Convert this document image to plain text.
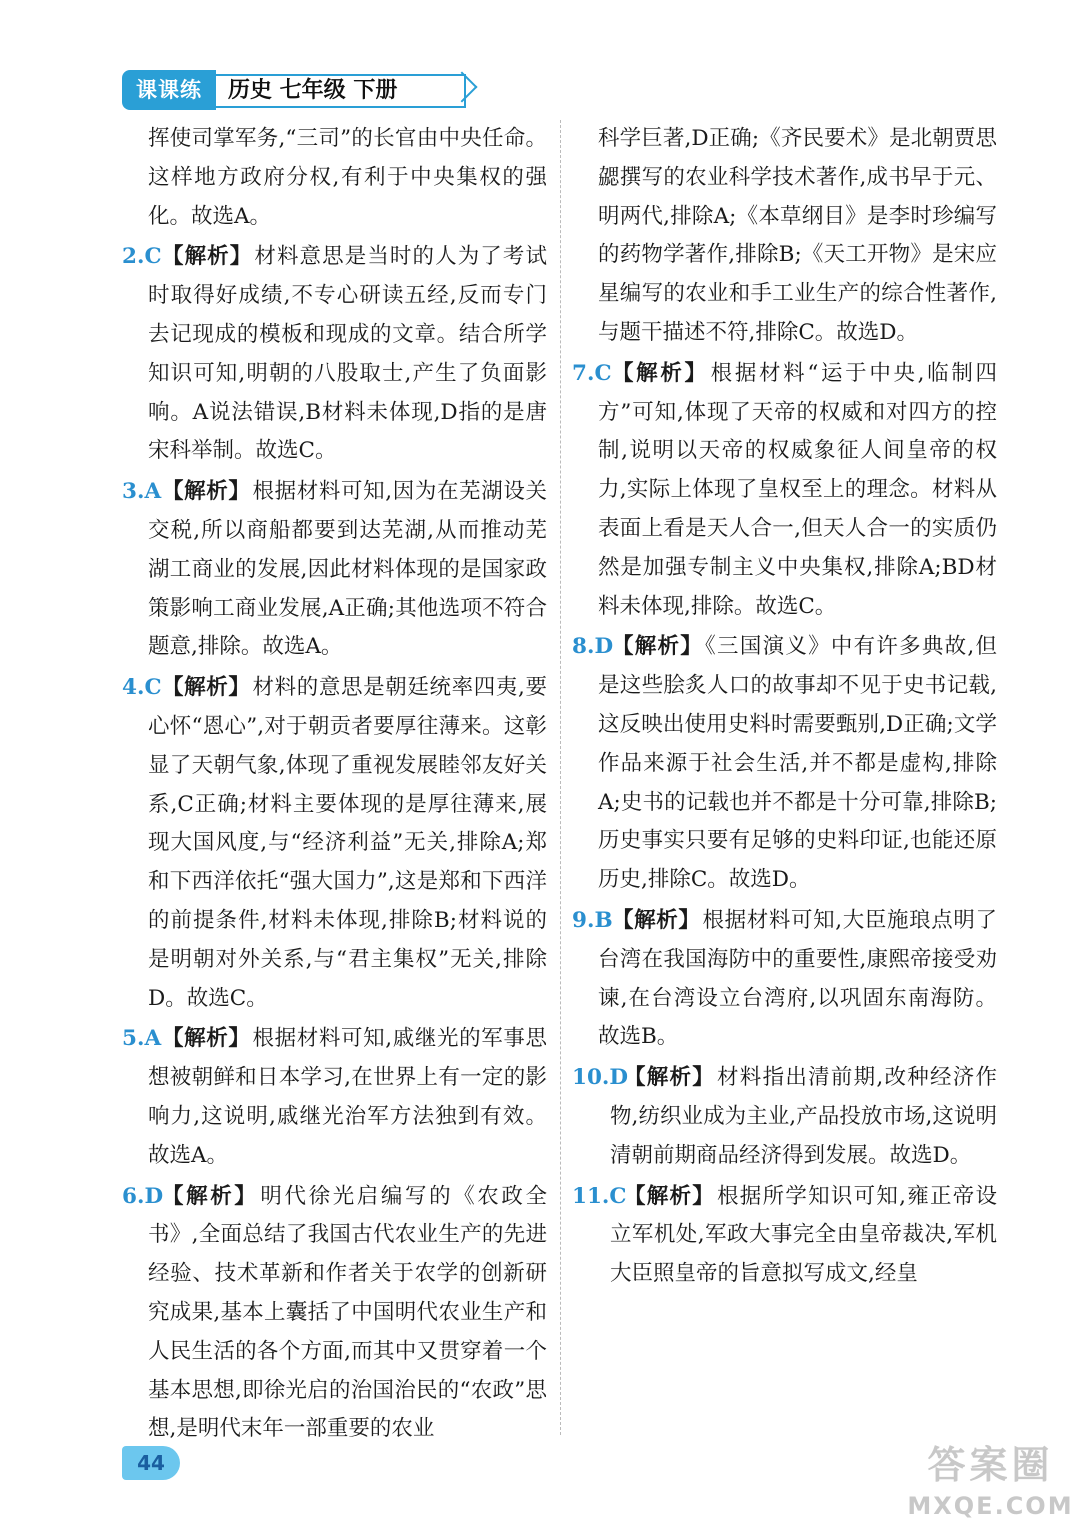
课课练	历史 七年级 下册
挥使司掌军务,“三司”的长官由中央任命。这样地方政府分权,有利于中央集权的强化。故选A。
2.C 【解析】材料意思是当时的人为了考试时取得好成绩,不专心研读五经,反而专门去记现成的模板和现成的文章。结合所学知识可知,明朝的八股取士,产生了负面影响。A说法错误,B材料未体现,D指的是唐宋科举制。故选C。
3.A 【解析】根据材料可知,因为在芜湖设关交税,所以商船都要到达芜湖,从而推动芜湖工商业的发展,因此材料体现的是国家政策影响工商业发展,A正确;其他选项不符合题意,排除。故选A。
4.C 【解析】材料的意思是朝廷统率四夷,要心怀“恩心”,对于朝贡者要厚往薄来。这彰显了天朝气象,体现了重视发展睦邻友好关系,C正确;材料主要体现的是厚往薄来,展现大国风度,与“经济利益”无关,排除A;郑和下西洋依托“强大国力”,这是郑和下西洋的前提条件,材料未体现,排除B;材料说的是明朝对外关系,与“君主集权”无关,排除D。故选C。
5.A 【解析】根据材料可知,戚继光的军事思想被朝鲜和日本学习,在世界上有一定的影响力,这说明,戚继光治军方法独到有效。故选A。
6.D
【解析】明代徐光启编写的《农政全书》,全面总结了我国古代农业生产的先进经验、技术革新和作者关于农学的创新研究成果,基本上囊括了中国明代农业生产和人民生活的各个方面,而其中又贯穿着一个基本思想,即徐光启的治国治民的“农政”思想,是明代末年一部重要的农业
科学巨著,D正确;《齐民要术》是北朝贾思勰撰写的农业科学技术著作,成书早于元、明两代,排除A;《本草纲目》是李时珍编写的药物学著作,排除B;《天工开物》是宋应星编写的农业和手工业生产的综合性著作,与题干描述不符,排除C。故选D。
7.C 【解析】根据材料“运于中央,临制四方”可知,体现了天帝的权威和对四方的控制,说明以天帝的权威象征人间皇帝的权力,实际上体现了皇权至上的理念。材料从表面上看是天人合一,但天人合一的实质仍然是加强专制主义中央集权,排除A;BD材料未体现,排除。故选C。
8.D
【解析】《三国演义》中有许多典故,但是这些脍炙人口的故事却不见于史书记载,这反映出使用史料时需要甄别,D正确;文学作品来源于社会生活,并不都是虚构,排除A;史书的记载也并不都是十分可靠,排除B;历史事实只要有足够的史料印证,也能还原历史,排除C。故选D。
9.B 【解析】根据材料可知,大臣施琅点明了台湾在我国海防中的重要性,康熙帝接受劝谏,在台湾设立台湾府,以巩固东南海防。故选B。
10.D
【解析】材料指出清前期,改种经济作物,纺织业成为主业,产品投放市场,这说明清朝前期商品经济得到发展。故选D。
11.C
【解析】根据所学知识可知,雍正帝设立军机处,军政大事完全由皇帝裁决,军机大臣照皇帝的旨意拟写成文,经皇
44	答案圈
MXQE.COM
